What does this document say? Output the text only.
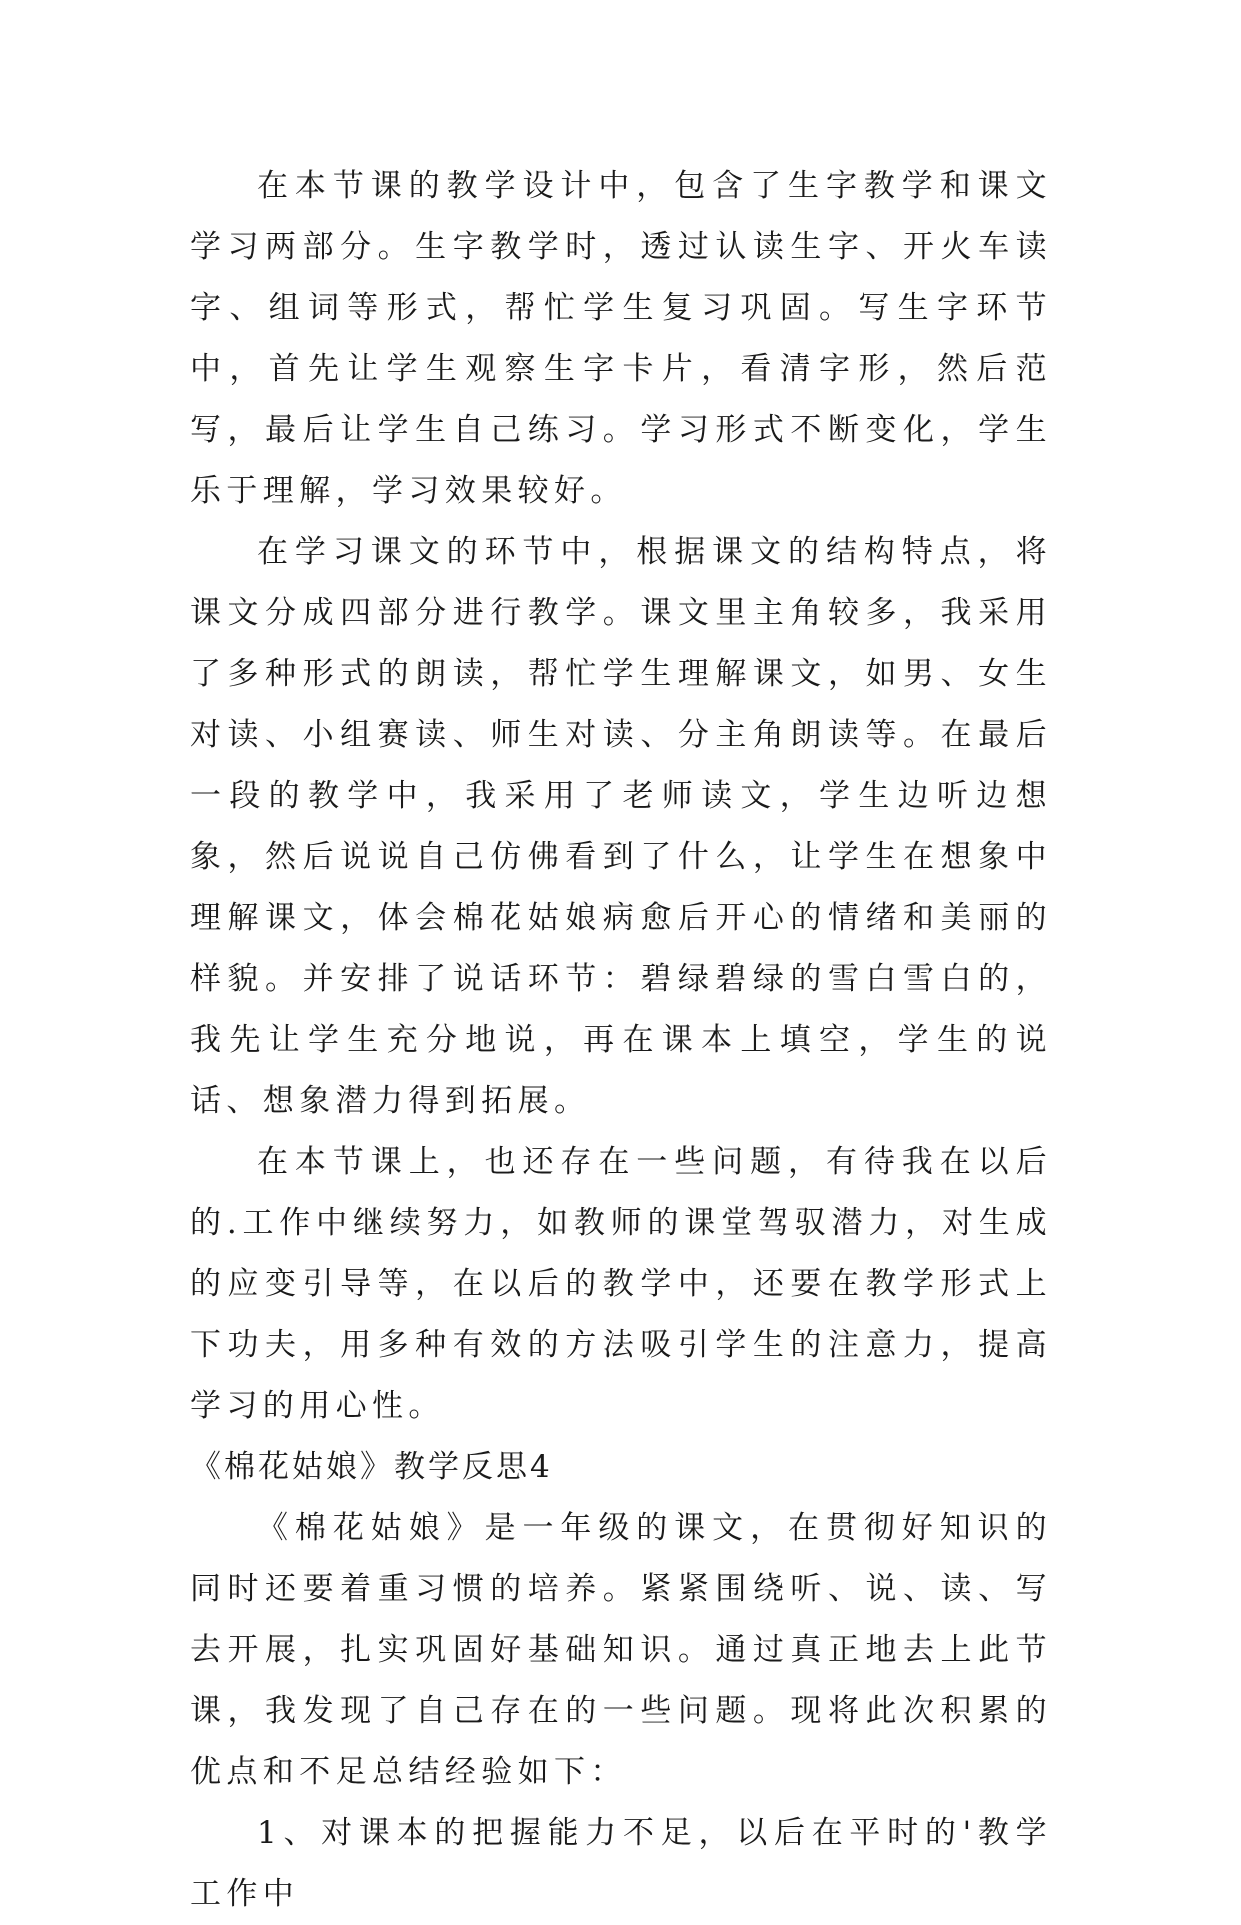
在本节课的教学设计中，包含了生字教学和课文学习两部分。生字教学时，透过认读生字、开火车读字、组词等形式，帮忙学生复习巩固。写生字环节中，首先让学生观察生字卡片，看清字形，然后范写，最后让学生自己练习。学习形式不断变化，学生乐于理解，学习效果较好。

在学习课文的环节中，根据课文的结构特点，将课文分成四部分进行教学。课文里主角较多，我采用了多种形式的朗读，帮忙学生理解课文，如男、女生对读、小组赛读、师生对读、分主角朗读等。在最后一段的教学中，我采用了老师读文，学生边听边想象，然后说说自己仿佛看到了什么，让学生在想象中理解课文，体会棉花姑娘病愈后开心的情绪和美丽的样貌。并安排了说话环节：碧绿碧绿的雪白雪白的，我先让学生充分地说，再在课本上填空，学生的说话、想象潜力得到拓展。

在本节课上，也还存在一些问题，有待我在以后的.工作中继续努力，如教师的课堂驾驭潜力，对生成的应变引导等，在以后的教学中，还要在教学形式上下功夫，用多种有效的方法吸引学生的注意力，提高学习的用心性。

《棉花姑娘》教学反思4

《棉花姑娘》是一年级的课文，在贯彻好知识的同时还要着重习惯的培养。紧紧围绕听、说、读、写去开展，扎实巩固好基础知识。通过真正地去上此节课，我发现了自己存在的一些问题。现将此次积累的优点和不足总结经验如下：

1、对课本的把握能力不足，以后在平时的'教学工作中
